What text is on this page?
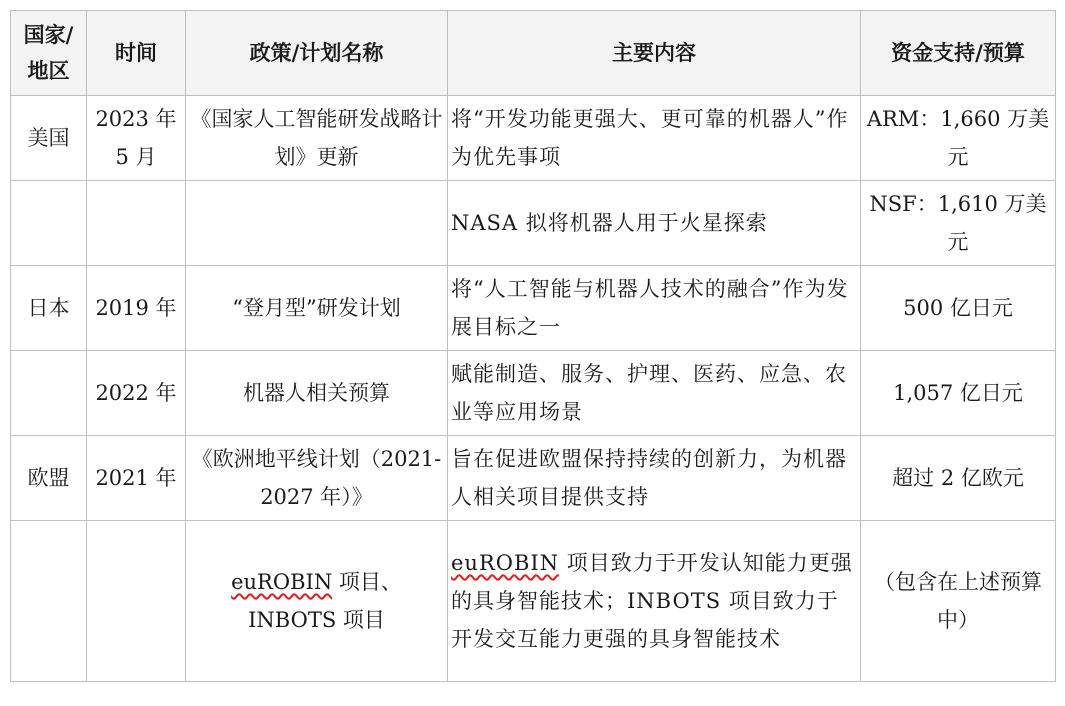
国家/地区	时间	政策/计划名称	主要内容	资金支持/预算
美国	2023 年 5 月	《国家人工智能研发战略计划》更新	将“开发功能更强大、更可靠的机器人”作为优先事项	ARM：1,660 万美元
			NASA 拟将机器人用于火星探索	NSF：1,610 万美元
日本	2019 年	“登月型”研发计划	将“人工智能与机器人技术的融合”作为发展目标之一	500 亿日元
	2022 年	机器人相关预算	赋能制造、服务、护理、医药、应急、农业等应用场景	1,057 亿日元
欧盟	2021 年	《欧洲地平线计划（2021-2027 年）》	旨在促进欧盟保持持续的创新力，为机器人相关项目提供支持	超过 2 亿欧元
		euROBIN 项目、INBOTS 项目	euROBIN 项目致力于开发认知能力更强的具身智能技术；INBOTS 项目致力于开发交互能力更强的具身智能技术	（包含在上述预算中）
